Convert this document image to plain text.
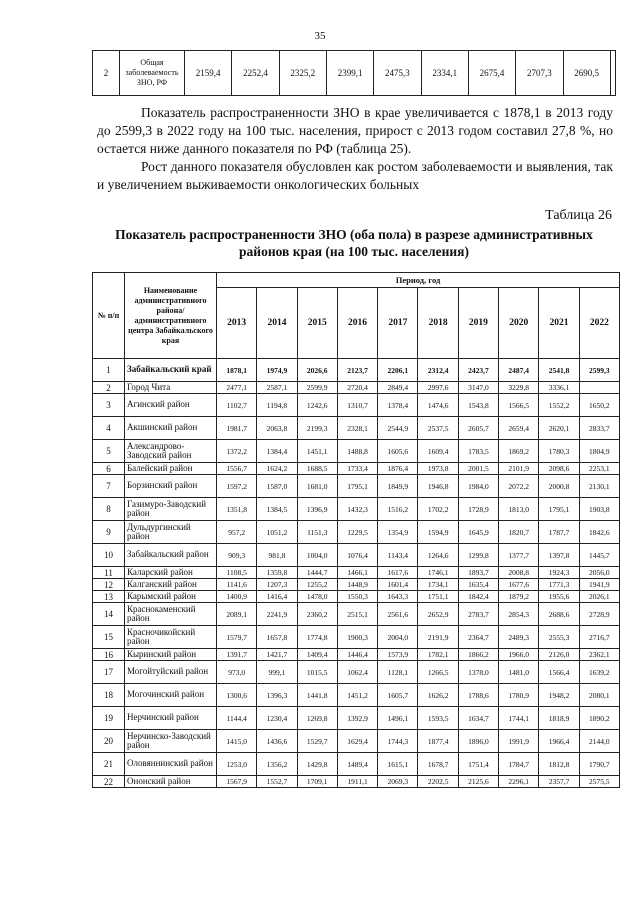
35
2	Общая заболеваемость ЗНО, РФ	2159,4	2252,4	2325,2	2399,1	2475,3	2334,1	2675,4	2707,3	2690,5	

Показатель распространенности ЗНО в крае увеличивается с 1878,1 в 2013 году до 2599,3 в 2022 году на 100 тыс. населения, прирост с 2013 годом составил 27,8 %, но остается ниже данного показателя по РФ (таблица 25).

Рост данного показателя обусловлен как ростом заболеваемости и выявления, так и увеличением выживаемости онкологических больных

Таблица 26
Показатель распространенности ЗНО (оба пола) в разрезе административных районов края (на 100 тыс. населения)
№ п/п	Наименование административного района/ административного центра Забайкальского края	Период, год									
		2013	2014	2015	2016	2017	2018	2019	2020	2021	2022
1	Забайкальский край	1878,1	1974,9	2026,6	2123,7	2206,1	2312,4	2423,7	2487,4	2541,8	2599,3
2	Город Чита	2477,1	2587,1	2599,9	2720,4	2849,4	2997,6	3147,0	3229,8	3336,1	
3	Агинский район	1102,7	1194,8	1242,6	1310,7	1378,4	1474,6	1543,8	1566,5	1552,2	1650,2
4	Акшинский район	1981,7	2063,8	2199,3	2328,1	2544,9	2537,5	2605,7	2659,4	2620,1	2833,7
5	Александрово-Заводский район	1372,2	1384,4	1451,1	1488,8	1605,6	1609,4	1783,5	1869,2	1780,3	1804,9
6	Балейский район	1556,7	1624,2	1688,5	1733,4	1876,4	1973,8	2001,5	2101,9	2098,6	2253,1
7	Борзинский район	1597,2	1587,0	1681,0	1795,1	1849,9	1946,8	1984,0	2072,2	2000,8	2130,1
8	Газимуро-Заводский район	1351,8	1384,5	1396,9	1432,3	1516,2	1702,2	1728,9	1813,0	1795,1	1903,8
9	Дульдургинский район	957,2	1051,2	1151,3	1229,5	1354,9	1594,9	1645,9	1820,7	1787,7	1842,6
10	Забайкальский район	909,3	981,8	1004,0	1076,4	1143,4	1264,6	1299,8	1377,7	1397,8	1445,7
11	Каларский район	1108,5	1359,8	1444,7	1466,1	1617,6	1746,1	1893,7	2008,8	1924,3	2056,0
12	Калганский район	1141,6	1207,3	1255,2	1448,9	1601,4	1734,1	1635,4	1677,6	1771,3	1941,9
13	Карымский район	1400,9	1416,4	1478,0	1550,3	1643,3	1751,1	1842,4	1879,2	1955,6	2026,1
14	Краснокаменский район	2089,1	2241,9	2360,2	2515,1	2561,6	2652,9	2783,7	2854,3	2688,6	2728,9
15	Красночикойский район	1579,7	1657,8	1774,8	1900,3	2004,0	2191,9	2364,7	2489,3	2555,3	2716,7
16	Кыринский район	1391,7	1421,7	1409,4	1446,4	1573,9	1782,1	1866,2	1966,0	2126,0	2362,1
17	Могойтуйский район	973,0	999,1	1015,5	1062,4	1128,1	1266,5	1378,0	1481,0	1566,4	1639,2
18	Могочинский район	1300,6	1396,3	1441,8	1451,2	1605,7	1626,2	1788,6	1780,9	1948,2	2080,1
19	Нерчинский район	1144,4	1230,4	1269,8	1392,9	1496,1	1593,5	1634,7	1744,1	1818,9	1890,2
20	Нерчинско-Заводский район	1415,0	1436,6	1529,7	1629,4	1744,3	1877,4	1896,0	1991,9	1966,4	2144,0
21	Оловяннинский район	1253,0	1356,2	1429,8	1489,4	1615,1	1678,7	1751,4	1784,7	1812,8	1790,7
22	Ононский район	1567,9	1552,7	1709,1	1911,1	2069,3	2202,5	2125,6	2296,1	2357,7	2575,5
